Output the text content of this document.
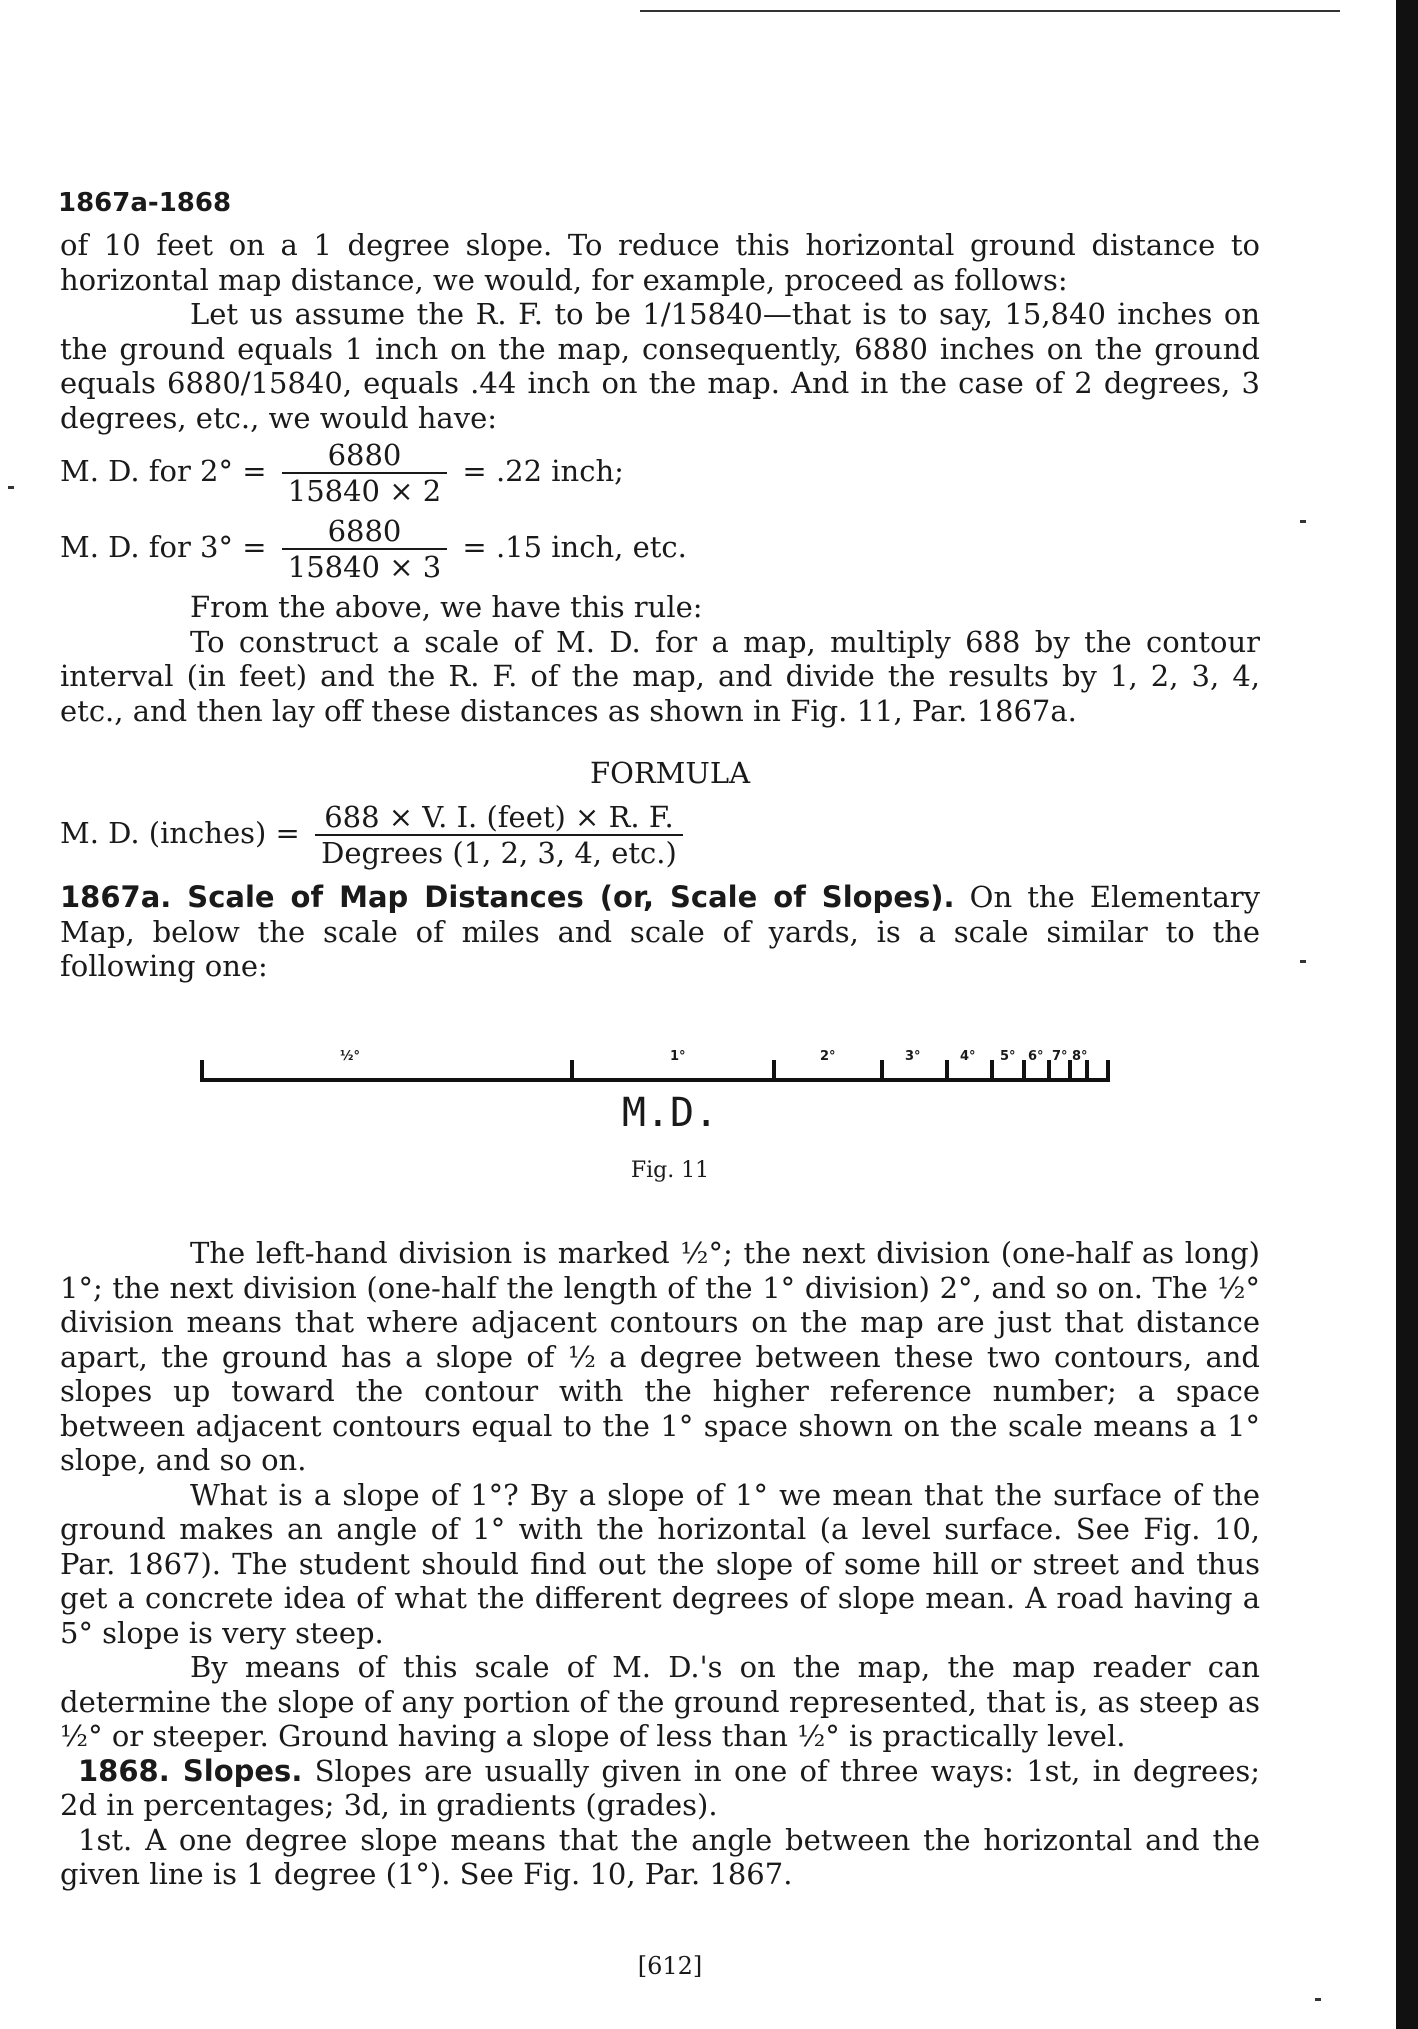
1867a-1868

of 10 feet on a 1 degree slope. To reduce this horizontal ground distance to horizontal map distance, we would, for example, proceed as follows:

Let us assume the R. F. to be 1/15840—that is to say, 15,840 inches on the ground equals 1 inch on the map, consequently, 6880 inches on the ground equals 6880/15840, equals .44 inch on the map. And in the case of 2 degrees, 3 degrees, etc., we would have:

M. D. for $2^\circ = \frac{6880}{15840 \times 2} = .22$ inch;
M. D. for $3^\circ = \frac{6880}{15840 \times 3} = .15$ inch, etc.

From the above, we have this rule:

To construct a scale of M. D. for a map, multiply 688 by the contour interval (in feet) and the R. F. of the map, and divide the results by 1, 2, 3, 4, etc., and then lay off these distances as shown in Fig. 11, Par. 1867a.

FORMULA
M. D. (inches) = $\frac{\text{688 × V. I. (feet) × R. F.}}{\text{Degrees (1, 2, 3, 4, etc.)}}$

1867a. Scale of Map Distances (or, Scale of Slopes). On the Elementary Map, below the scale of miles and scale of yards, is a scale similar to the following one:

½°	1°	2°	3°	4° 5° 6° 7° 8°
M.D.
Fig. 11

The left-hand division is marked ½°; the next division (one-half as long) 1°; the next division (one-half the length of the 1° division) 2°, and so on. The ½° division means that where adjacent contours on the map are just that distance apart, the ground has a slope of ½ a degree between these two contours, and slopes up toward the contour with the higher reference number; a space between adjacent contours equal to the 1° space shown on the scale means a 1° slope, and so on.

What is a slope of 1°? By a slope of 1° we mean that the surface of the ground makes an angle of 1° with the horizontal (a level surface. See Fig. 10, Par. 1867). The student should find out the slope of some hill or street and thus get a concrete idea of what the different degrees of slope mean. A road having a 5° slope is very steep.

By means of this scale of M. D.'s on the map, the map reader can determine the slope of any portion of the ground represented, that is, as steep as ½° or steeper. Ground having a slope of less than ½° is practically level.

1868. Slopes. Slopes are usually given in one of three ways: 1st, in degrees; 2d in percentages; 3d, in gradients (grades).

1st. A one degree slope means that the angle between the horizontal and the given line is 1 degree (1°). See Fig. 10, Par. 1867.

[612]
